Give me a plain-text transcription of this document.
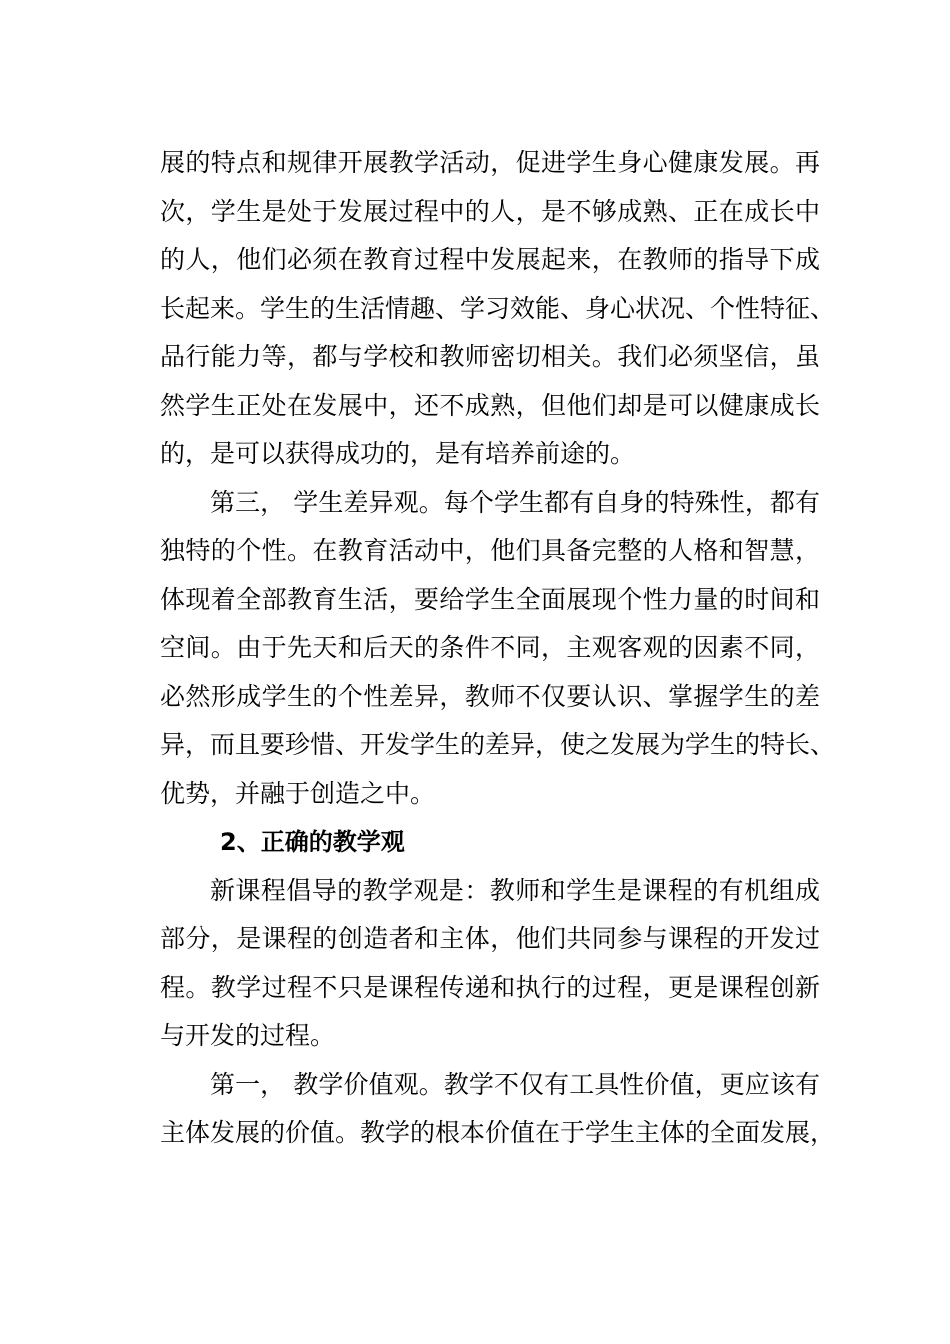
展的特点和规律开展教学活动，促进学生身心健康发展。再
次，学生是处于发展过程中的人，是不够成熟、正在成长中
的人，他们必须在教育过程中发展起来，在教师的指导下成
长起来。学生的生活情趣、学习效能、身心状况、个性特征、
品行能力等，都与学校和教师密切相关。我们必须坚信，虽
然学生正处在发展中，还不成熟，但他们却是可以健康成长
的，是可以获得成功的，是有培养前途的。
第三， 学生差异观。每个学生都有自身的特殊性，都有
独特的个性。在教育活动中，他们具备完整的人格和智慧，
体现着全部教育生活，要给学生全面展现个性力量的时间和
空间。由于先天和后天的条件不同，主观客观的因素不同，
必然形成学生的个性差异，教师不仅要认识、掌握学生的差
异，而且要珍惜、开发学生的差异，使之发展为学生的特长、
优势，并融于创造之中。
2、正确的教学观
新课程倡导的教学观是：教师和学生是课程的有机组成
部分，是课程的创造者和主体，他们共同参与课程的开发过
程。教学过程不只是课程传递和执行的过程，更是课程创新
与开发的过程。
第一， 教学价值观。教学不仅有工具性价值，更应该有
主体发展的价值。教学的根本价值在于学生主体的全面发展，
